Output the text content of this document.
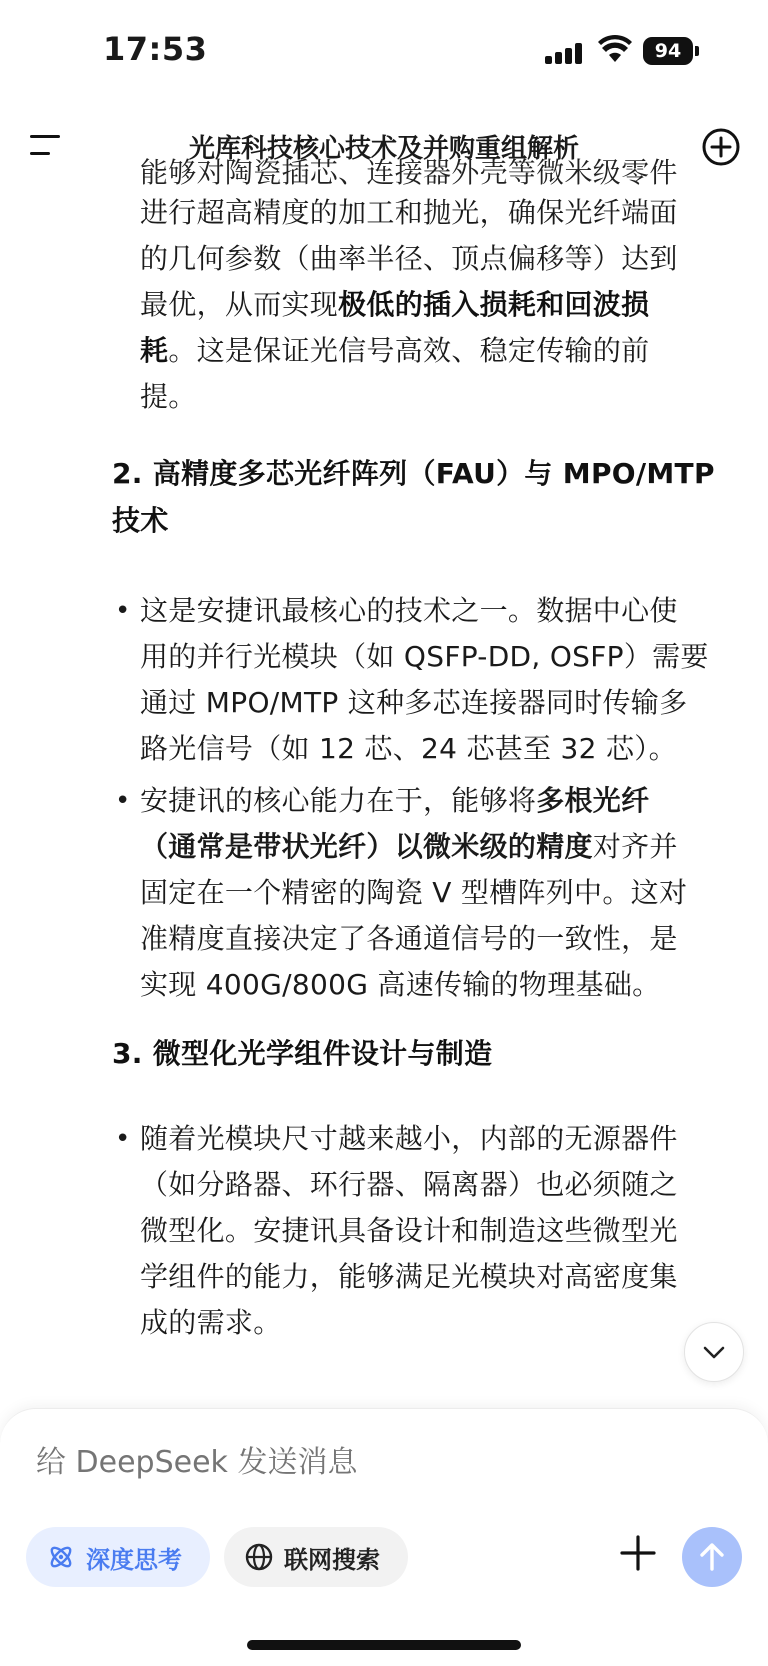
17:53	94
光库科技核心技术及并购重组解析
能够对陶瓷插芯、连接器外壳等微米级零件
进行超高精度的加工和抛光，确保光纤端面
的几何参数（曲率半径、顶点偏移等）达到
最优，从而实现极低的插入损耗和回波损
耗。这是保证光信号高效、稳定传输的前
提。
2. 高精度多芯光纤阵列（FAU）与 MPO/MTP
技术
• 这是安捷讯最核心的技术之一。数据中心使
用的并行光模块（如 QSFP-DD, OSFP）需要
通过 MPO/MTP 这种多芯连接器同时传输多
路光信号（如 12 芯、24 芯甚至 32 芯）。
• 安捷讯的核心能力在于，能够将多根光纤
（通常是带状光纤）以微米级的精度对齐并
固定在一个精密的陶瓷 V 型槽阵列中。这对
准精度直接决定了各通道信号的一致性，是
实现 400G/800G 高速传输的物理基础。
3. 微型化光学组件设计与制造
• 随着光模块尺寸越来越小，内部的无源器件
（如分路器、环行器、隔离器）也必须随之
微型化。安捷讯具备设计和制造这些微型光
学组件的能力，能够满足光模块对高密度集
成的需求。
给 DeepSeek 发送消息
深度思考	联网搜索
